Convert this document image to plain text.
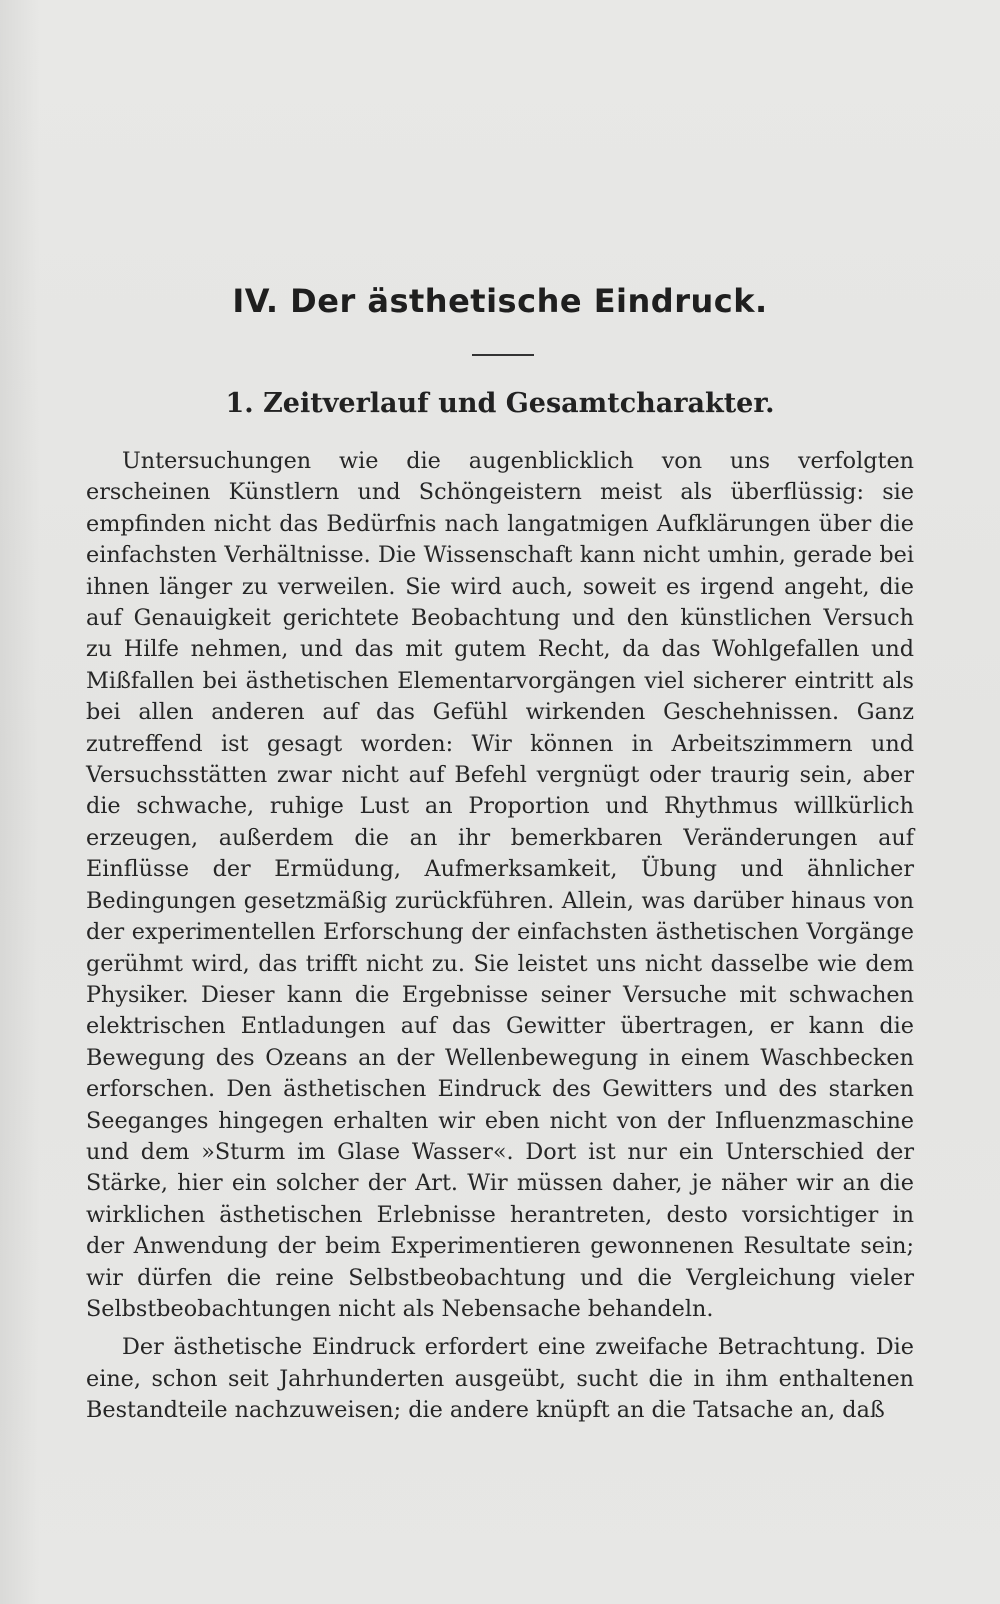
IV. Der ästhetische Eindruck.
1. Zeitverlauf und Gesamtcharakter.

Untersuchungen wie die augenblicklich von uns verfolgten erscheinen Künstlern und Schöngeistern meist als überflüssig: sie empfinden nicht das Bedürfnis nach langatmigen Aufklärungen über die einfachsten Verhältnisse. Die Wissenschaft kann nicht umhin, gerade bei ihnen länger zu verweilen. Sie wird auch, soweit es irgend angeht, die auf Genauigkeit gerichtete Beobachtung und den künstlichen Versuch zu Hilfe nehmen, und das mit gutem Recht, da das Wohlgefallen und Mißfallen bei ästhetischen Elementarvorgängen viel sicherer eintritt als bei allen anderen auf das Gefühl wirkenden Geschehnissen. Ganz zutreffend ist gesagt worden: Wir können in Arbeitszimmern und Versuchsstätten zwar nicht auf Befehl vergnügt oder traurig sein, aber die schwache, ruhige Lust an Proportion und Rhythmus willkürlich erzeugen, außerdem die an ihr bemerkbaren Veränderungen auf Einflüsse der Ermüdung, Aufmerksamkeit, Übung und ähnlicher Bedingungen gesetzmäßig zurückführen. Allein, was darüber hinaus von der experimentellen Erforschung der einfachsten ästhetischen Vorgänge gerühmt wird, das trifft nicht zu. Sie leistet uns nicht dasselbe wie dem Physiker. Dieser kann die Ergebnisse seiner Versuche mit schwachen elektrischen Entladungen auf das Gewitter übertragen, er kann die Bewegung des Ozeans an der Wellenbewegung in einem Waschbecken erforschen. Den ästhetischen Eindruck des Gewitters und des starken Seeganges hingegen erhalten wir eben nicht von der Influenzmaschine und dem »Sturm im Glase Wasser«. Dort ist nur ein Unterschied der Stärke, hier ein solcher der Art. Wir müssen daher, je näher wir an die wirklichen ästhetischen Erlebnisse herantreten, desto vorsichtiger in der Anwendung der beim Experimentieren gewonnenen Resultate sein; wir dürfen die reine Selbstbeobachtung und die Vergleichung vieler Selbstbeobachtungen nicht als Nebensache behandeln.

Der ästhetische Eindruck erfordert eine zweifache Betrachtung. Die eine, schon seit Jahrhunderten ausgeübt, sucht die in ihm enthaltenen Bestandteile nachzuweisen; die andere knüpft an die Tatsache an, daß
